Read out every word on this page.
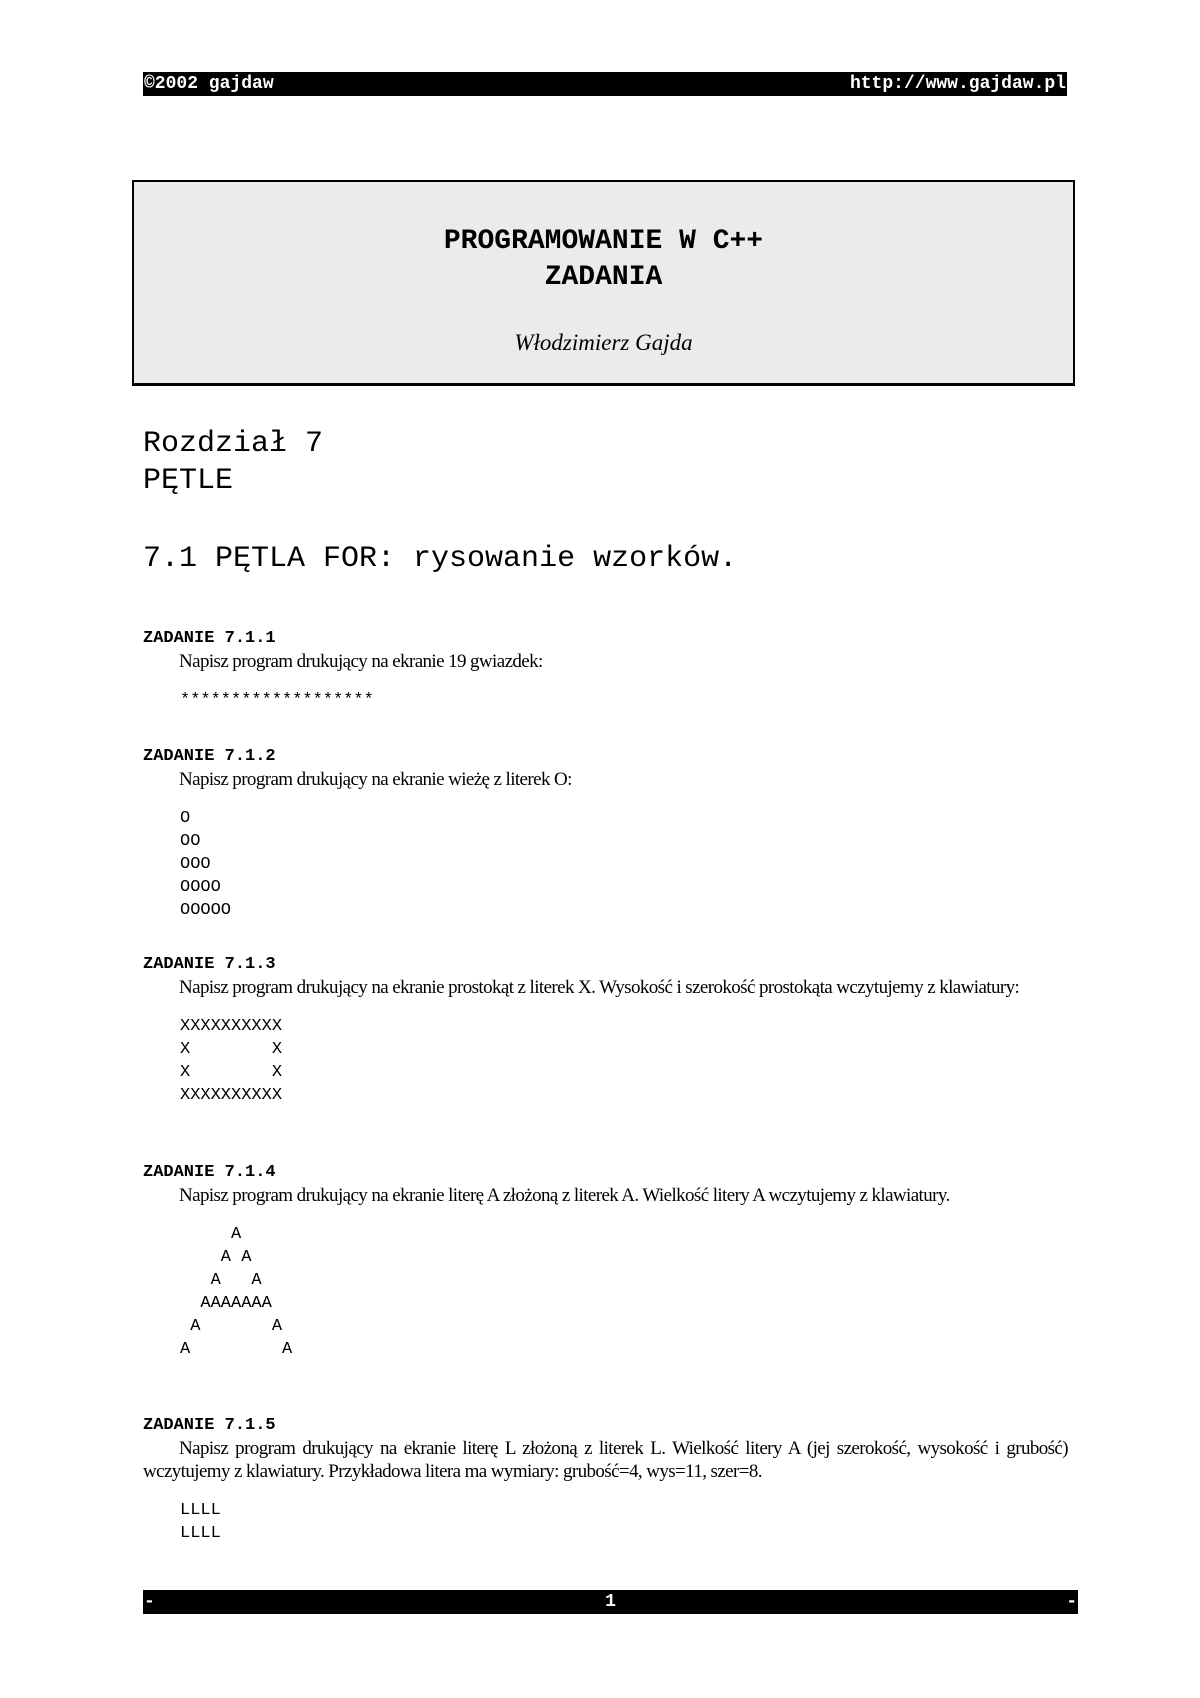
©2002 gajdaw	http://www.gajdaw.pl
PROGRAMOWANIE W C++
ZADANIA
Włodzimierz Gajda
Rozdział 7
PĘTLE
7.1 PĘTLA FOR: rysowanie wzorków.
ZADANIE 7.1.1
Napisz program drukujący na ekranie 19 gwiazdek:
*******************
ZADANIE 7.1.2
Napisz program drukujący na ekranie wieżę z literek O:
O
OO
OOO
OOOO
OOOOO
ZADANIE 7.1.3
Napisz program drukujący na ekranie prostokąt z literek X. Wysokość i szerokość prostokąta wczytujemy z klawiatury:
XXXXXXXXXX
X        X
X        X
XXXXXXXXXX
ZADANIE 7.1.4
Napisz program drukujący na ekranie literę A złożoną z literek A. Wielkość litery A wczytujemy z klawiatury.
A
A A
A   A
AAAAAAA
A       A
A         A
ZADANIE 7.1.5
Napisz program drukujący na ekranie literę L złożoną z literek L. Wielkość litery A (jej szerokość, wysokość i grubość) wczytujemy z klawiatury. Przykładowa litera ma wymiary: grubość=4, wys=11, szer=8.
LLLL
LLLL
-	1	-
